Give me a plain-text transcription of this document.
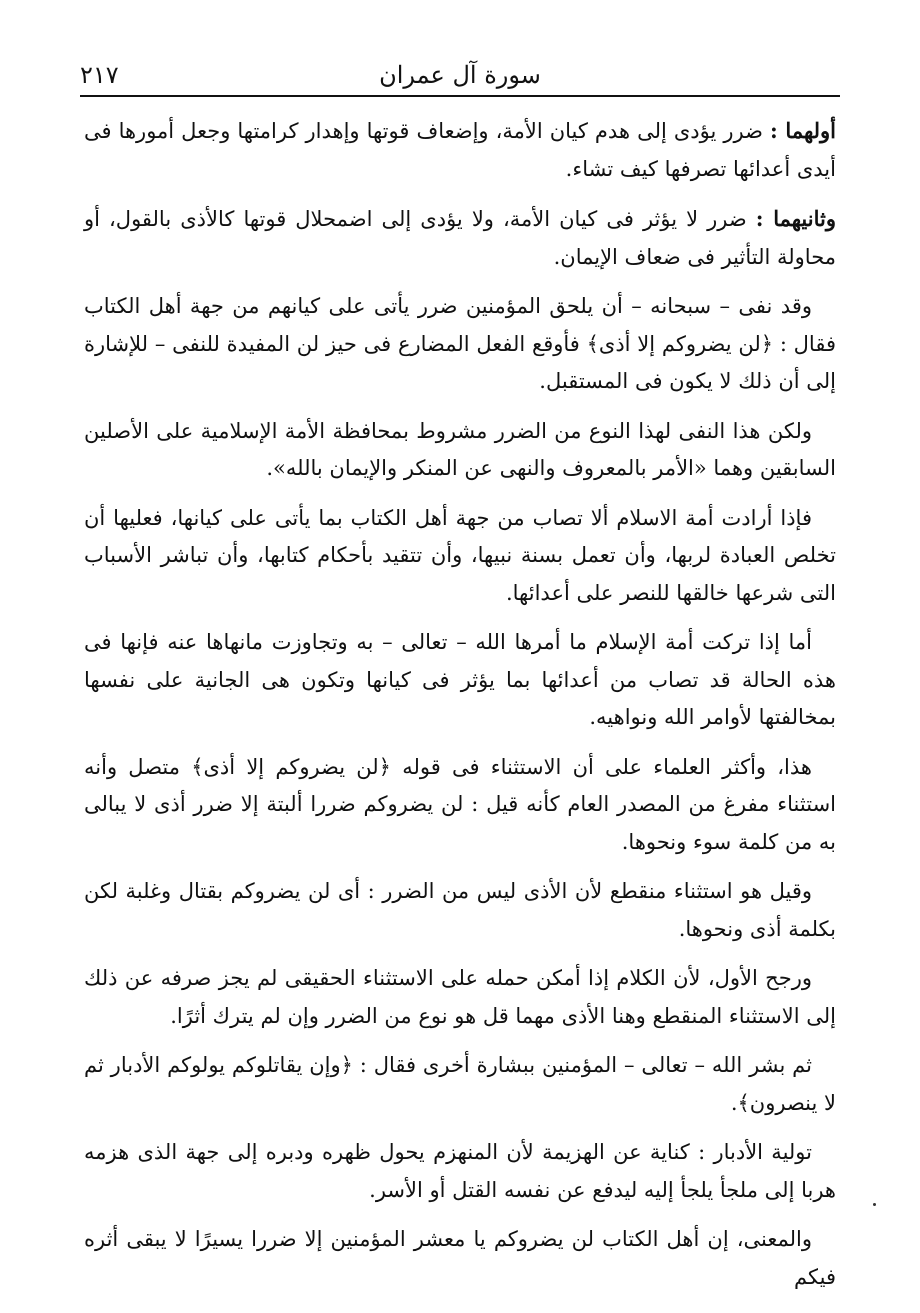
سورة آل عمران
٢١٧

أولهما : ضرر يؤدى إلى هدم كيان الأمة، وإضعاف قوتها وإهدار كرامتها وجعل أمورها فى أيدى أعدائها تصرفها كيف تشاء.

وثانيهما : ضرر لا يؤثر فى كيان الأمة، ولا يؤدى إلى اضمحلال قوتها كالأذى بالقول، أو محاولة التأثير فى ضعاف الإيمان.

وقد نفى – سبحانه – أن يلحق المؤمنين ضرر يأتى على كيانهم من جهة أهل الكتاب فقال : ﴿لن يضروكم إلا أذى﴾ فأوقع الفعل المضارع فى حيز لن المفيدة للنفى – للإشارة إلى أن ذلك لا يكون فى المستقبل.

ولكن هذا النفى لهذا النوع من الضرر مشروط بمحافظة الأمة الإسلامية على الأصلين السابقين وهما «الأمر بالمعروف والنهى عن المنكر والإيمان بالله».

فإذا أرادت أمة الاسلام ألا تصاب من جهة أهل الكتاب بما يأتى على كيانها، فعليها أن تخلص العبادة لربها، وأن تعمل بسنة نبيها، وأن تتقيد بأحكام كتابها، وأن تباشر الأسباب التى شرعها خالقها للنصر على أعدائها.

أما إذا تركت أمة الإسلام ما أمرها الله – تعالى – به وتجاوزت مانهاها عنه فإنها فى هذه الحالة قد تصاب من أعدائها بما يؤثر فى كيانها وتكون هى الجانية على نفسها بمخالفتها لأوامر الله ونواهيه.

هذا، وأكثر العلماء على أن الاستثناء فى قوله ﴿لن يضروكم إلا أذى﴾ متصل وأنه استثناء مفرغ من المصدر العام كأنه قيل : لن يضروكم ضررا ألبتة إلا ضرر أذى لا يبالى به من كلمة سوء ونحوها.

وقيل هو استثناء منقطع لأن الأذى ليس من الضرر : أى لن يضروكم بقتال وغلبة لكن بكلمة أذى ونحوها.

ورجح الأول، لأن الكلام إذا أمكن حمله على الاستثناء الحقيقى لم يجز صرفه عن ذلك إلى الاستثناء المنقطع وهنا الأذى مهما قل هو نوع من الضرر وإن لم يترك أثرًا.

ثم بشر الله – تعالى – المؤمنين ببشارة أخرى فقال : ﴿وإن يقاتلوكم يولوكم الأدبار ثم لا ينصرون﴾.

تولية الأدبار : كناية عن الهزيمة لأن المنهزم يحول ظهره ودبره إلى جهة الذى هزمه هربا إلى ملجأ يلجأ إليه ليدفع عن نفسه القتل أو الأسر.

والمعنى، إن أهل الكتاب لن يضروكم يا معشر المؤمنين إلا ضررا يسيرًا لا يبقى أثره فيكم
